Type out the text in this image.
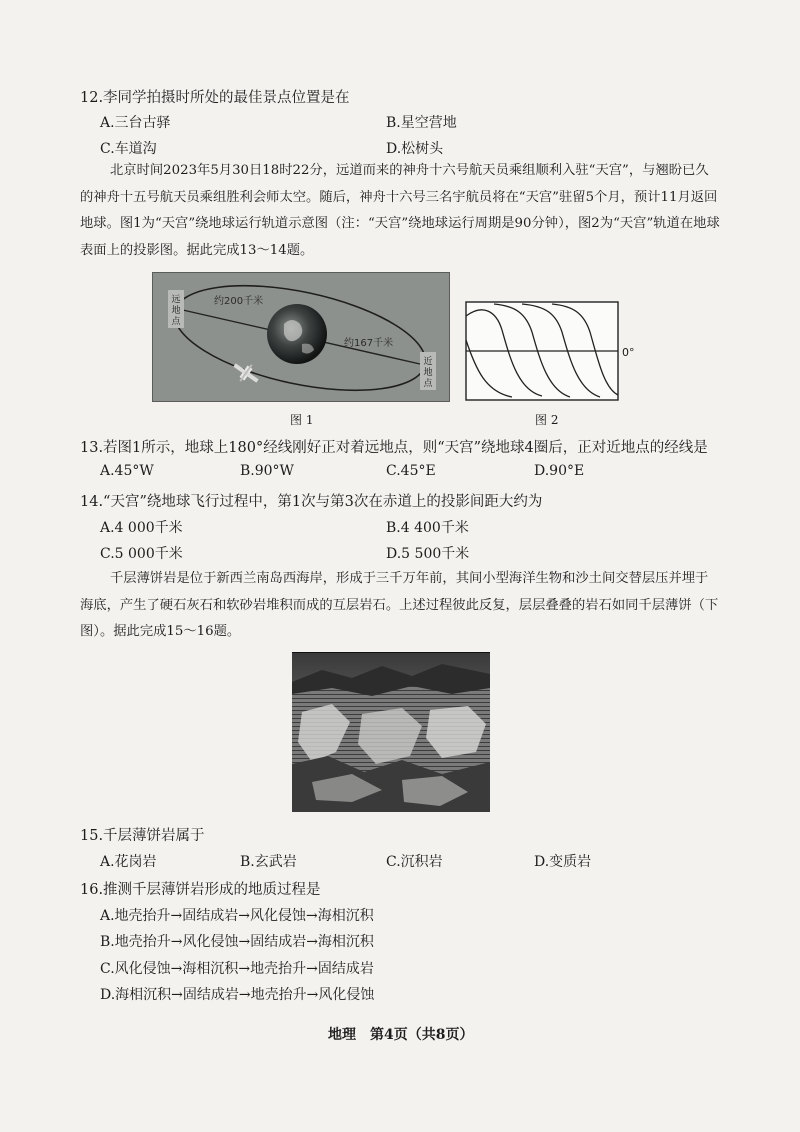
12.李同学拍摄时所处的最佳景点位置是在
A.三台古驿	B.星空营地
C.车道沟	D.松树头
北京时间2023年5月30日18时22分，远道而来的神舟十六号航天员乘组顺利入驻“天宫”，与翘盼已久的神舟十五号航天员乘组胜利会师太空。随后，神舟十六号三名宇航员将在“天宫”驻留5个月，预计11月返回地球。图1为“天宫”绕地球运行轨道示意图（注：“天宫”绕地球运行周期是90分钟），图2为“天宫”轨道在地球表面上的投影图。据此完成13～14题。
约200千米
约167千米
远地点
近地点
图 1
0°
图 2
13.若图1所示，地球上180°经线刚好正对着远地点，则“天宫”绕地球4圈后，正对近地点的经线是
A.45°W	B.90°W	C.45°E	D.90°E
14.“天宫”绕地球飞行过程中，第1次与第3次在赤道上的投影间距大约为
A.4 000千米	B.4 400千米
C.5 000千米	D.5 500千米
千层薄饼岩是位于新西兰南岛西海岸，形成于三千万年前，其间小型海洋生物和沙土间交替层压并埋于海底，产生了硬石灰石和软砂岩堆积而成的互层岩石。上述过程彼此反复，层层叠叠的岩石如同千层薄饼（下图）。据此完成15～16题。
15.千层薄饼岩属于
A.花岗岩	B.玄武岩	C.沉积岩	D.变质岩
16.推测千层薄饼岩形成的地质过程是
A.地壳抬升→固结成岩→风化侵蚀→海相沉积
B.地壳抬升→风化侵蚀→固结成岩→海相沉积
C.风化侵蚀→海相沉积→地壳抬升→固结成岩
D.海相沉积→固结成岩→地壳抬升→风化侵蚀
地理　第4页（共8页）
